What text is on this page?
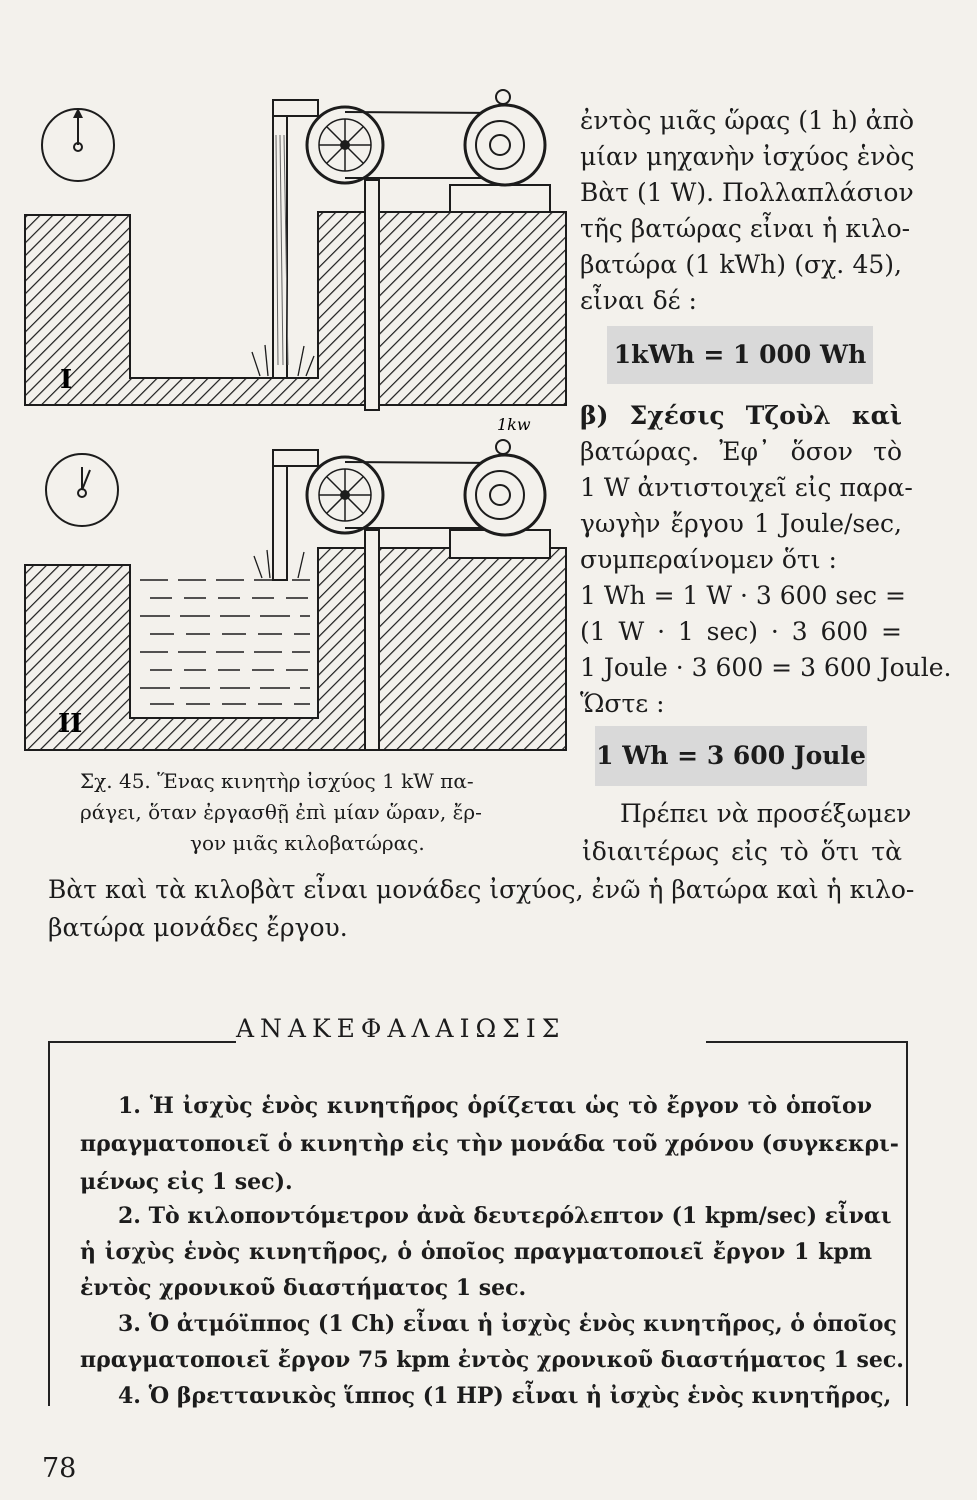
I
1kw
II
ἐντὸς μιᾶς ὥρας (1 h) ἀπὸ
μίαν μηχανὴν ἰσχύος ἑνὸς
Βὰτ (1 W). Πολλαπλάσιον
τῆς βατώρας εἶναι ἡ κιλο-
βατώρα (1 kWh) (σχ. 45),
εἶναι δέ :
1kWh = 1 000 Wh
β) Σχέσις Τζοὺλ καὶ
βατώρας. Ἐφ᾽ ὅσον τὸ
1 W ἀντιστοιχεῖ εἰς παρα-
γωγὴν ἔργου 1 Joule/sec,
συμπεραίνομεν ὅτι :
1 Wh = 1 W · 3 600 sec =
(1 W · 1 sec) · 3 600 =
1 Joule · 3 600 = 3 600 Joule.
Ὥστε :
1 Wh = 3 600 Joule
Πρέπει νὰ προσέξωμεν
ἰδιαιτέρως εἰς τὸ ὅτι τὰ
Σχ. 45. Ἕνας κινητὴρ ἰσχύος 1 kW πα-
ράγει, ὅταν ἐργασθῇ ἐπὶ μίαν ὥραν, ἔρ-
γον μιᾶς κιλοβατώρας.
Βὰτ καὶ τὰ κιλοβὰτ εἶναι μονάδες ἰσχύος, ἐνῶ ἡ βατώρα καὶ ἡ κιλο-
βατώρα μονάδες ἔργου.
ΑΝΑΚΕΦΑΛΑΙΩΣΙΣ
1. Ἡ ἰσχὺς ἑνὸς κινητῆρος ὁρίζεται ὡς τὸ ἔργον τὸ ὁποῖον
πραγματοποιεῖ ὁ κινητὴρ εἰς τὴν μονάδα τοῦ χρόνου (συγκεκρι-
μένως εἰς 1 sec).
2. Τὸ κιλοποντόμετρον ἀνὰ δευτερόλεπτον (1 kpm/sec) εἶναι
ἡ ἰσχὺς ἑνὸς κινητῆρος, ὁ ὁποῖος πραγματοποιεῖ ἔργον 1 kpm
ἐντὸς χρονικοῦ διαστήματος 1 sec.
3. Ὁ ἀτμόϊππος (1 Ch) εἶναι ἡ ἰσχὺς ἑνὸς κινητῆρος, ὁ ὁποῖος
πραγματοποιεῖ ἔργον 75 kpm ἐντὸς χρονικοῦ διαστήματος 1 sec.
4. Ὁ βρεττανικὸς ἵππος (1 HP) εἶναι ἡ ἰσχὺς ἑνὸς κινητῆρος,
78
